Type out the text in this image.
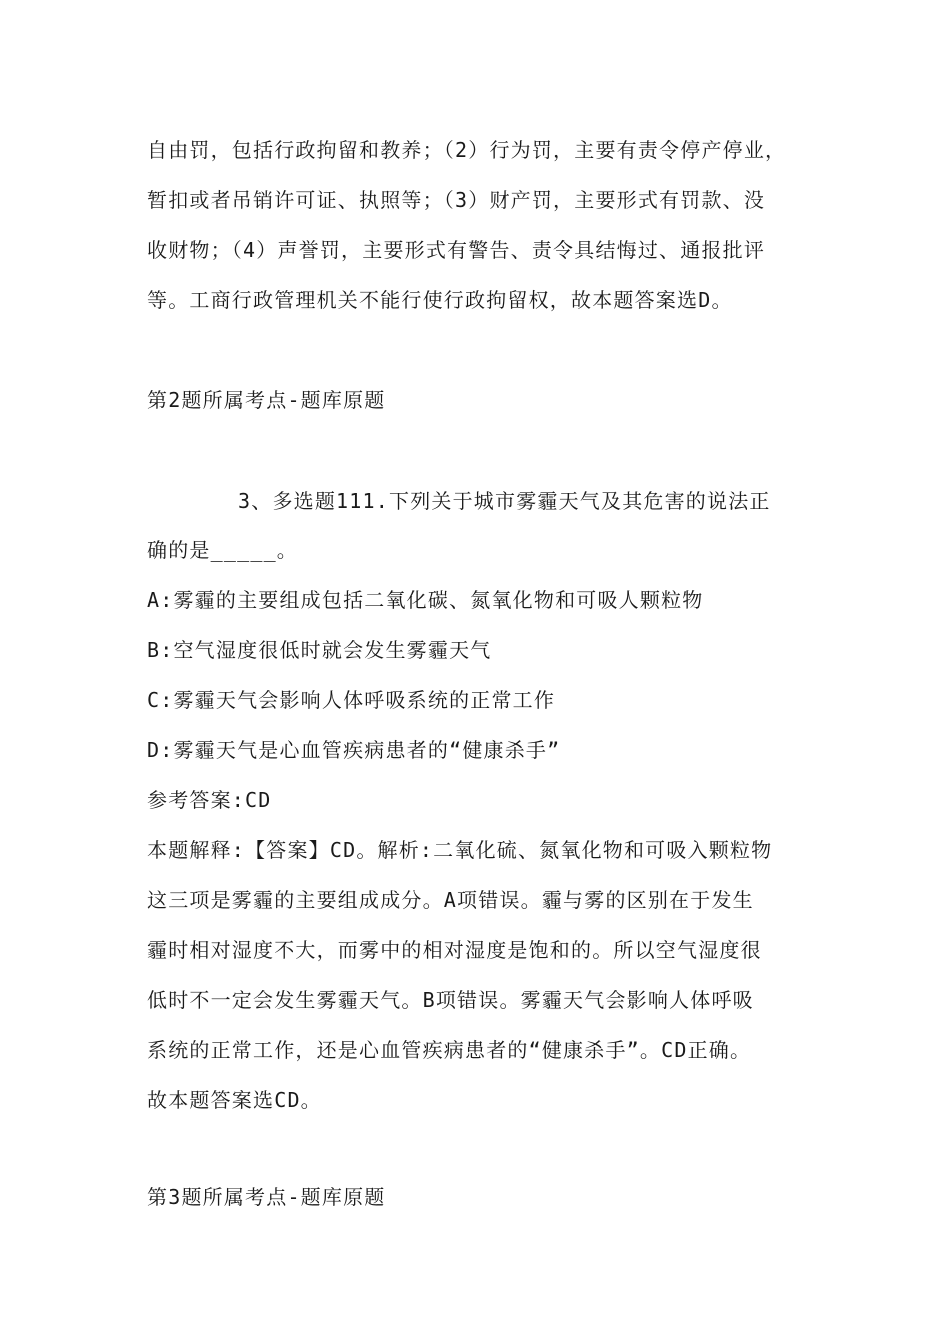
自由罚，包括行政拘留和教养；（2）行为罚，主要有责令停产停业，
暂扣或者吊销许可证、执照等；（3）财产罚，主要形式有罚款、没
收财物；（4）声誉罚，主要形式有警告、责令具结悔过、通报批评
等。工商行政管理机关不能行使行政拘留权，故本题答案选D。
第2题所属考点-题库原题
3、多选题111.下列关于城市雾霾天气及其危害的说法正
确的是_____。
A:雾霾的主要组成包括二氧化碳、氮氧化物和可吸人颗粒物
B:空气湿度很低时就会发生雾霾天气
C:雾霾天气会影响人体呼吸系统的正常工作
D:雾霾天气是心血管疾病患者的“健康杀手”
参考答案:CD
本题解释:【答案】CD。解析:二氧化硫、氮氧化物和可吸入颗粒物
这三项是雾霾的主要组成成分。A项错误。霾与雾的区别在于发生
霾时相对湿度不大，而雾中的相对湿度是饱和的。所以空气湿度很
低时不一定会发生雾霾天气。B项错误。雾霾天气会影响人体呼吸
系统的正常工作，还是心血管疾病患者的“健康杀手”。CD正确。
故本题答案选CD。
第3题所属考点-题库原题
